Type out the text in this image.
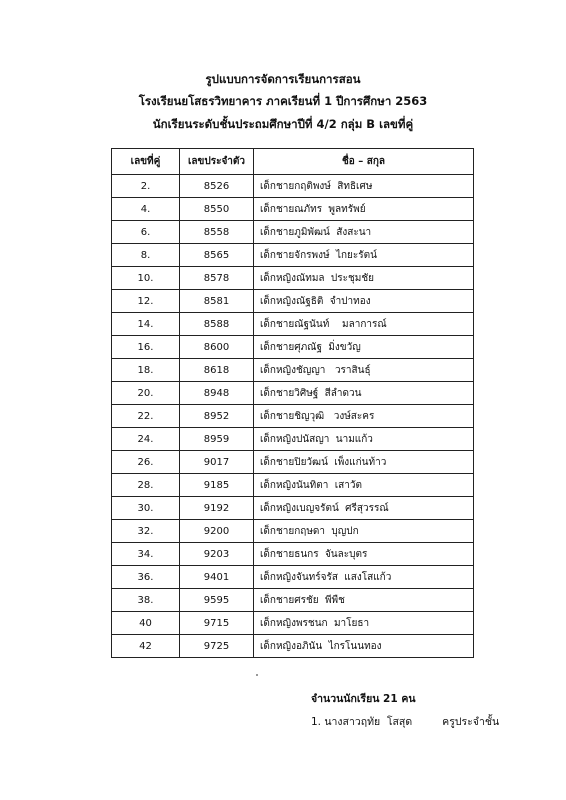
รูปแบบการจัดการเรียนการสอน
โรงเรียนยโสธรวิทยาคาร ภาคเรียนที่ 1 ปีการศึกษา 2563
นักเรียนระดับชั้นประถมศึกษาปีที่ 4/2 กลุ่ม B เลขที่คู่
เลขที่คู่	เลขประจำตัว	ชื่อ – สกุล
2.	8526	เด็กชายกฤติพงษ์  สิทธิเศษ
4.	8550	เด็กชายณภัทร  พูลทรัพย์
6.	8558	เด็กชายภูมิพัฒน์  สังสะนา
8.	8565	เด็กชายจักรพงษ์  ไกยะรัตน์
10.	8578	เด็กหญิงณัทมล  ประชุมชัย
12.	8581	เด็กหญิงณัฐธิติ  จำปาทอง
14.	8588	เด็กชายณัฐนันท์    มลาการณ์
16.	8600	เด็กชายศุภณัฐ  มิ่งขวัญ
18.	8618	เด็กหญิงชัญญา   วราสินธุ์
20.	8948	เด็กชายวิศิษฐ์  สีลำดวน
22.	8952	เด็กชายชิญวุฒิ   วงษ์สะคร
24.	8959	เด็กหญิงปนัสญา  นามแก้ว
26.	9017	เด็กชายปิยวัฒน์  เพ็งแก่นท้าว
28.	9185	เด็กหญิงนันทิตา  เสาวัต
30.	9192	เด็กหญิงเบญจรัตน์  ศรีสุวรรณ์
32.	9200	เด็กชายกฤษดา  บุญปก
34.	9203	เด็กชายธนกร  จันละบุตร
36.	9401	เด็กหญิงจันทร์จรัส  แสงโสแก้ว
38.	9595	เด็กชายศรชัย  พีพืช
40	9715	เด็กหญิงพรชนก  มาโยธา
42	9725	เด็กหญิงอภินัน  ไกรโนนทอง
จำนวนนักเรียน 21 คน
1. นางสาวฤทัย  โสสุด         ครูประจำชั้น
